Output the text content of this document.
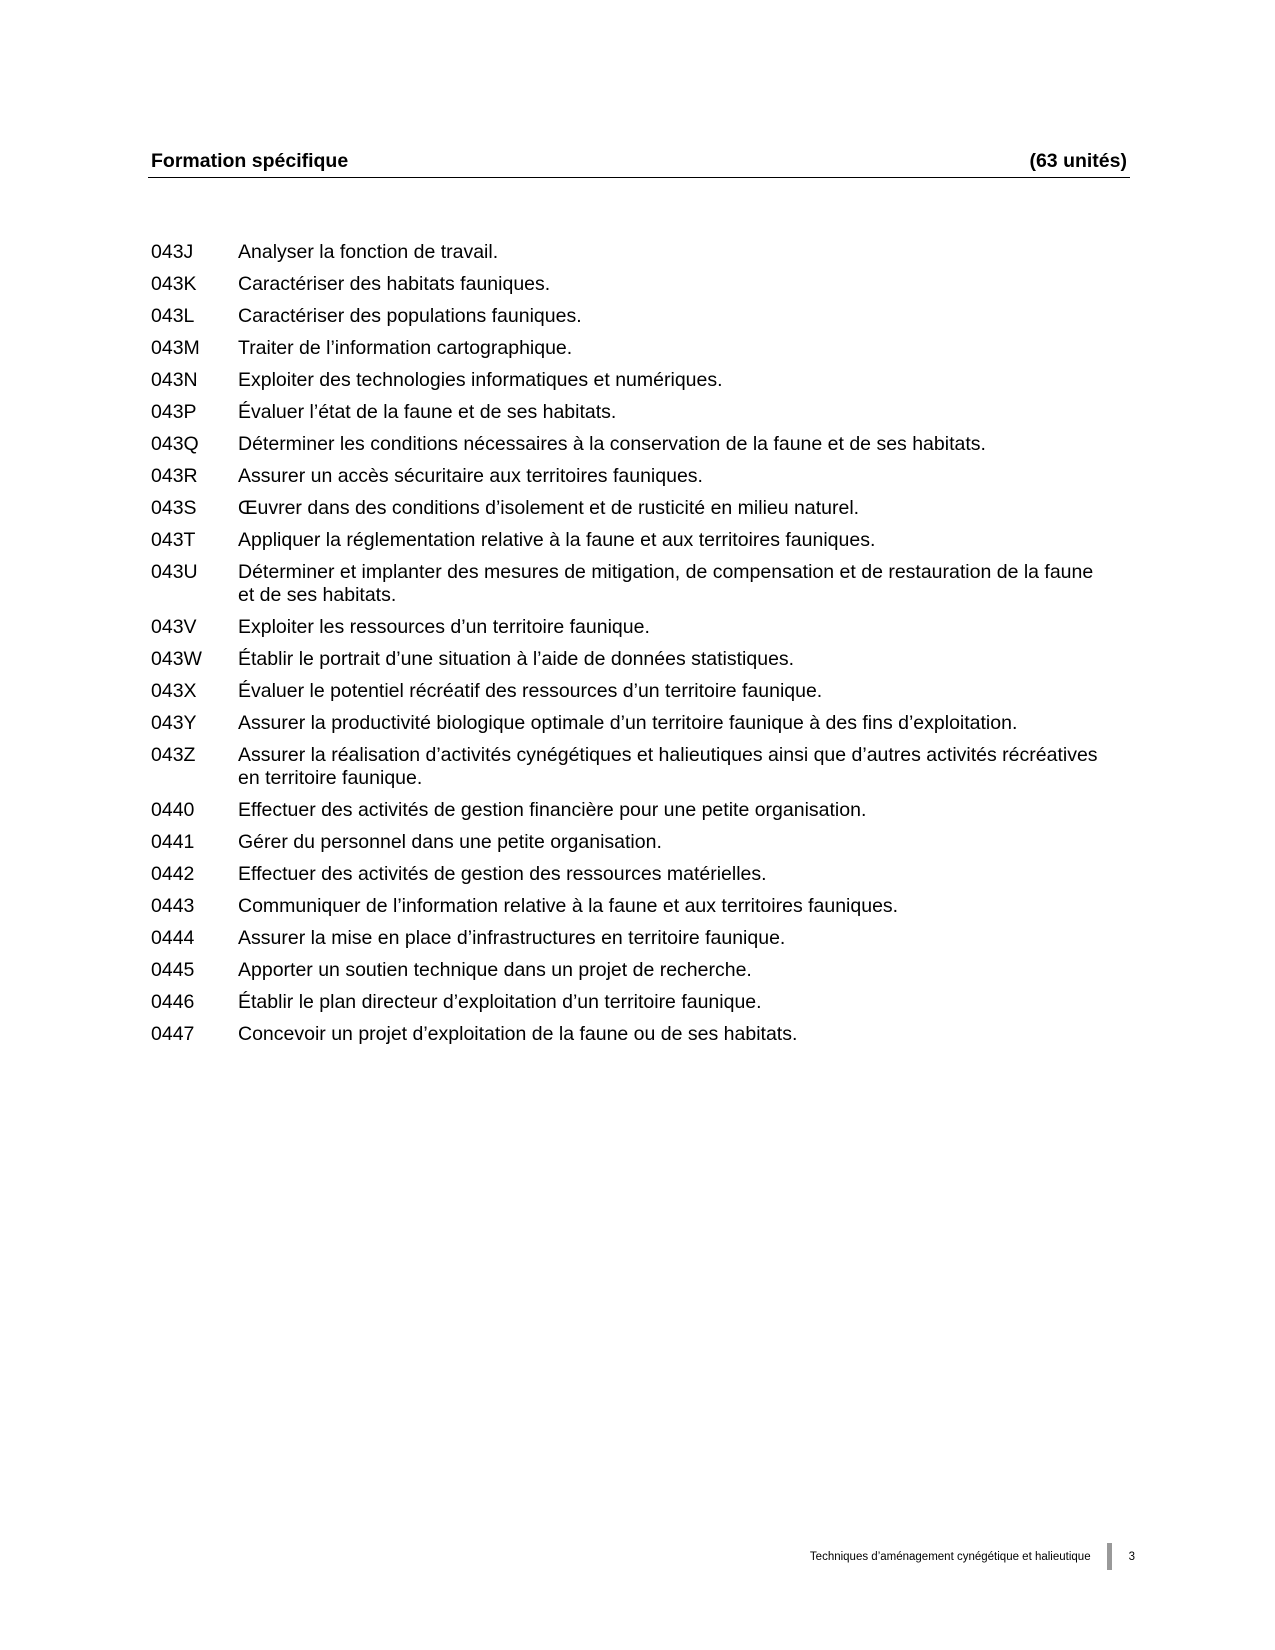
Formation spécifique	(63 unités)
043J	Analyser la fonction de travail.
043K	Caractériser des habitats fauniques.
043L	Caractériser des populations fauniques.
043M	Traiter de l’information cartographique.
043N	Exploiter des technologies informatiques et numériques.
043P	Évaluer l’état de la faune et de ses habitats.
043Q	Déterminer les conditions nécessaires à la conservation de la faune et de ses habitats.
043R	Assurer un accès sécuritaire aux territoires fauniques.
043S	Œuvrer dans des conditions d’isolement et de rusticité en milieu naturel.
043T	Appliquer la réglementation relative à la faune et aux territoires fauniques.
043U	Déterminer et implanter des mesures de mitigation, de compensation et de restauration de la faune et de ses habitats.
043V	Exploiter les ressources d’un territoire faunique.
043W	Établir le portrait d’une situation à l’aide de données statistiques.
043X	Évaluer le potentiel récréatif des ressources d’un territoire faunique.
043Y	Assurer la productivité biologique optimale d’un territoire faunique à des fins d’exploitation.
043Z	Assurer la réalisation d’activités cynégétiques et halieutiques ainsi que d’autres activités récréatives en territoire faunique.
0440	Effectuer des activités de gestion financière pour une petite organisation.
0441	Gérer du personnel dans une petite organisation.
0442	Effectuer des activités de gestion des ressources matérielles.
0443	Communiquer de l’information relative à la faune et aux territoires fauniques.
0444	Assurer la mise en place d’infrastructures en territoire faunique.
0445	Apporter un soutien technique dans un projet de recherche.
0446	Établir le plan directeur d’exploitation d’un territoire faunique.
0447	Concevoir un projet d’exploitation de la faune ou de ses habitats.
Techniques d’aménagement cynégétique et halieutique	3
